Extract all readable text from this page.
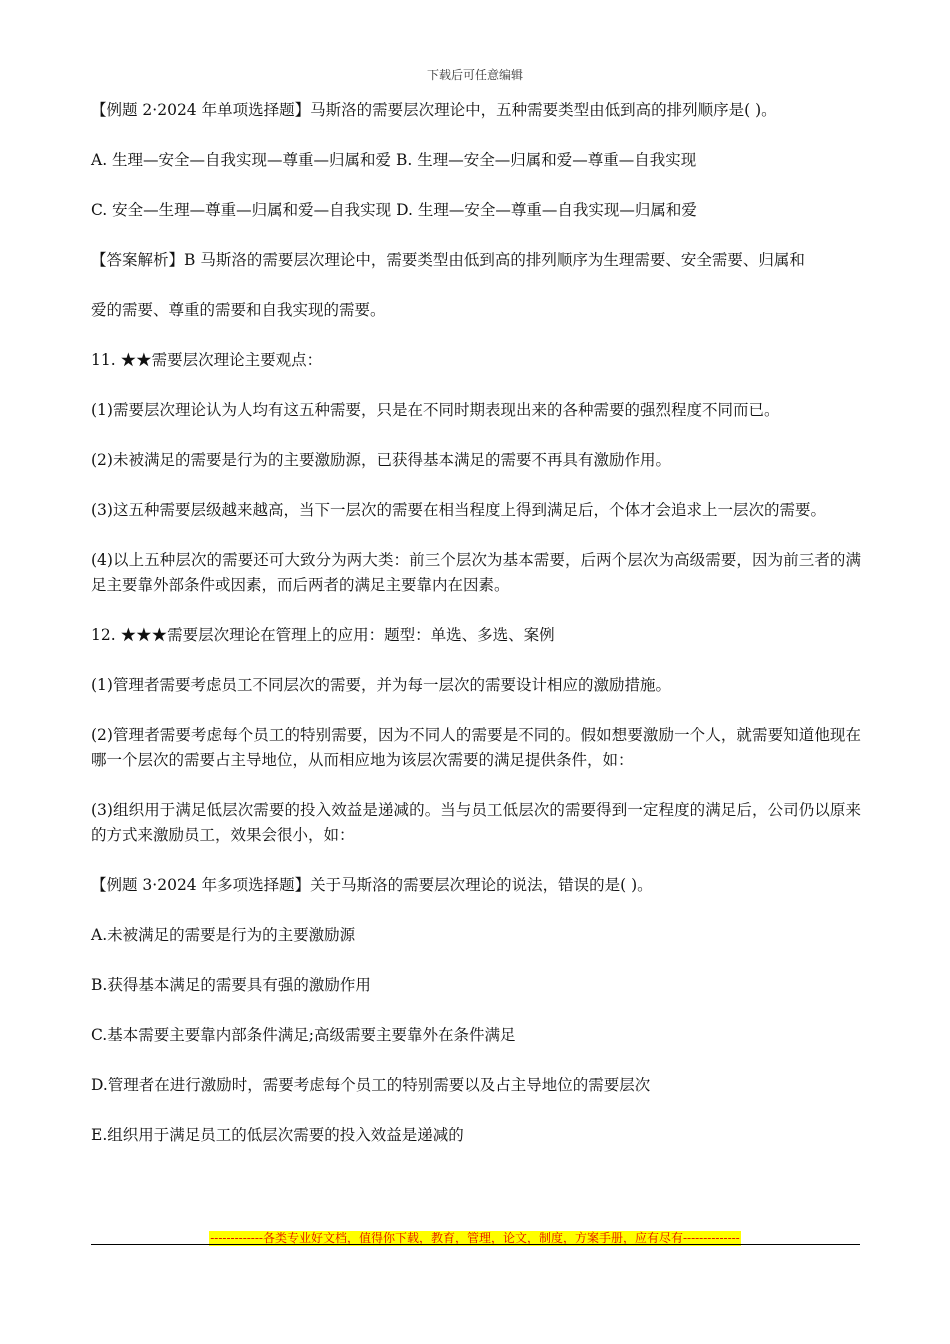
下载后可任意编辑

【例题 2·2024 年单项选择题】马斯洛的需要层次理论中，五种需要类型由低到高的排列顺序是( )。

A. 生理—安全—自我实现—尊重—归属和爱 B. 生理—安全—归属和爱—尊重—自我实现

C. 安全—生理—尊重—归属和爱—自我实现 D. 生理—安全—尊重—自我实现—归属和爱

【答案解析】B 马斯洛的需要层次理论中，需要类型由低到高的排列顺序为生理需要、安全需要、归属和

爱的需要、尊重的需要和自我实现的需要。

11. ★★需要层次理论主要观点：

(1)需要层次理论认为人均有这五种需要，只是在不同时期表现出来的各种需要的强烈程度不同而已。

(2)未被满足的需要是行为的主要激励源，已获得基本满足的需要不再具有激励作用。

(3)这五种需要层级越来越高，当下一层次的需要在相当程度上得到满足后，个体才会追求上一层次的需要。

(4)以上五种层次的需要还可大致分为两大类：前三个层次为基本需要，后两个层次为高级需要，因为前三者的满足主要靠外部条件或因素，而后两者的满足主要靠内在因素。

12. ★★★需要层次理论在管理上的应用：题型：单选、多选、案例

(1)管理者需要考虑员工不同层次的需要，并为每一层次的需要设计相应的激励措施。

(2)管理者需要考虑每个员工的特别需要，因为不同人的需要是不同的。假如想要激励一个人，就需要知道他现在哪一个层次的需要占主导地位，从而相应地为该层次需要的满足提供条件，如：

(3)组织用于满足低层次需要的投入效益是递减的。当与员工低层次的需要得到一定程度的满足后，公司仍以原来的方式来激励员工，效果会很小，如：

【例题 3·2024 年多项选择题】关于马斯洛的需要层次理论的说法，错误的是( )。

A.未被满足的需要是行为的主要激励源

B.获得基本满足的需要具有强的激励作用

C.基本需要主要靠内部条件满足;高级需要主要靠外在条件满足

D.管理者在进行激励时，需要考虑每个员工的特别需要以及占主导地位的需要层次

E.组织用于满足员工的低层次需要的投入效益是递减的

-------------各类专业好文档，值得你下载，教育，管理，论文，制度，方案手册，应有尽有--------------
